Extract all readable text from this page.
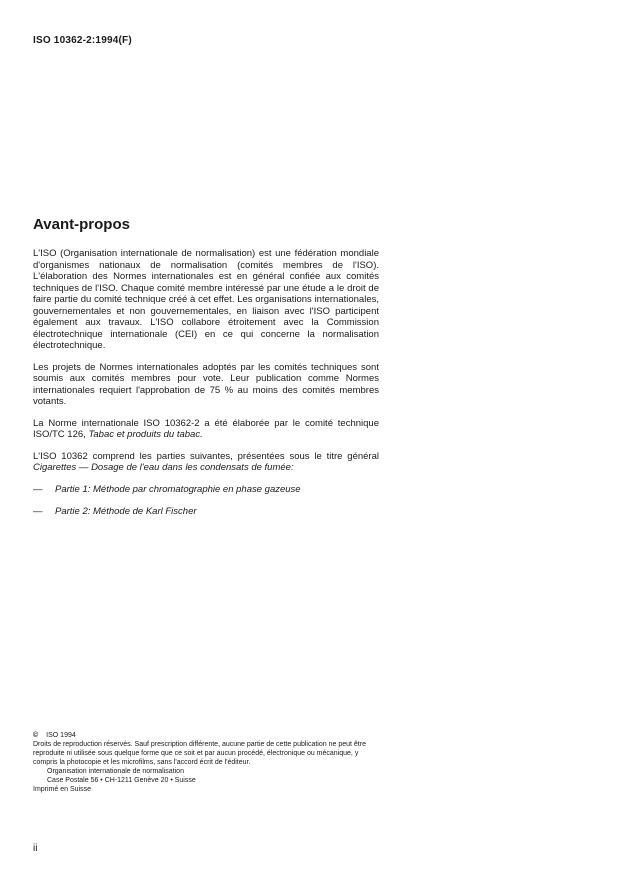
ISO 10362-2:1994(F)
Avant-propos

L'ISO (Organisation internationale de normalisation) est une fédération mondiale d'organismes nationaux de normalisation (comités membres de l'ISO). L'élaboration des Normes internationales est en général confiée aux comités techniques de l'ISO. Chaque comité membre intéressé par une étude a le droit de faire partie du comité technique créé à cet effet. Les organisations internationales, gouvernementales et non gouvernementales, en liaison avec l'ISO participent également aux travaux. L'ISO collabore étroitement avec la Commission électrotechnique internationale (CEI) en ce qui concerne la normalisation électrotechnique.

Les projets de Normes internationales adoptés par les comités techniques sont soumis aux comités membres pour vote. Leur publication comme Normes internationales requiert l'approbation de 75 % au moins des comités membres votants.

La Norme internationale ISO 10362-2 a été élaborée par le comité technique ISO/TC 126, Tabac et produits du tabac.

L'ISO 10362 comprend les parties suivantes, présentées sous le titre général Cigarettes — Dosage de l'eau dans les condensats de fumée:

— Partie 1: Méthode par chromatographie en phase gazeuse
— Partie 2: Méthode de Karl Fischer
© ISO 1994
Droits de reproduction réservés. Sauf prescription différente, aucune partie de cette publication ne peut être reproduite ni utilisée sous quelque forme que ce soit et par aucun procédé, électronique ou mécanique, y compris la photocopie et les microfilms, sans l'accord écrit de l'éditeur.
Organisation internationale de normalisation
Case Postale 56 • CH-1211 Genève 20 • Suisse
Imprimé en Suisse
ii
